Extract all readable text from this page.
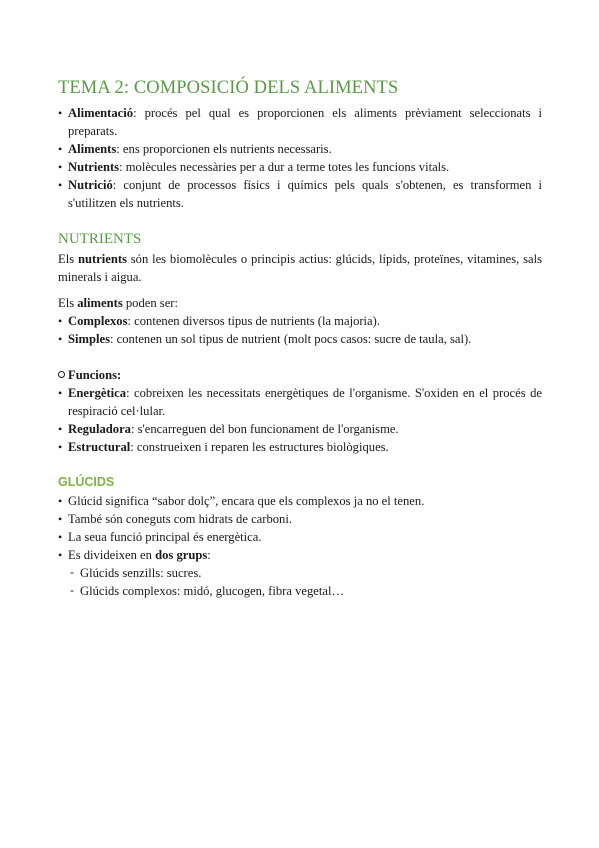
TEMA 2: COMPOSICIÓ DELS ALIMENTS
• Alimentació: procés pel qual es proporcionen els aliments prèviament seleccionats i preparats.
• Aliments: ens proporcionen els nutrients necessaris.
• Nutrients: molècules necessàries per a dur a terme totes les funcions vitals.
• Nutrició: conjunt de processos físics i químics pels quals s'obtenen, es transformen i s'utilitzen els nutrients.
NUTRIENTS

Els nutrients són les biomolècules o principis actius: glúcids, lípids, proteïnes, vitamines, sals minerals i aigua.

Els aliments poden ser:

• Complexos: contenen diversos tipus de nutrients (la majoria).
• Simples: contenen un sol tipus de nutrient (molt pocs casos: sucre de taula, sal).
Funcions:
• Energètica: cobreixen les necessitats energètiques de l'organisme. S'oxiden en el procés de respiració cel·lular.
• Reguladora: s'encarreguen del bon funcionament de l'organisme.
• Estructural: construeixen i reparen les estructures biològiques.
GLÚCIDS
• Glúcid significa “sabor dolç”, encara que els complexos ja no el tenen.
• També són coneguts com hidrats de carboni.
• La seua funció principal és energètica.
• Es divideixen en dos grups:
- Glúcids senzills: sucres.
- Glúcids complexos: midó, glucogen, fibra vegetal…
